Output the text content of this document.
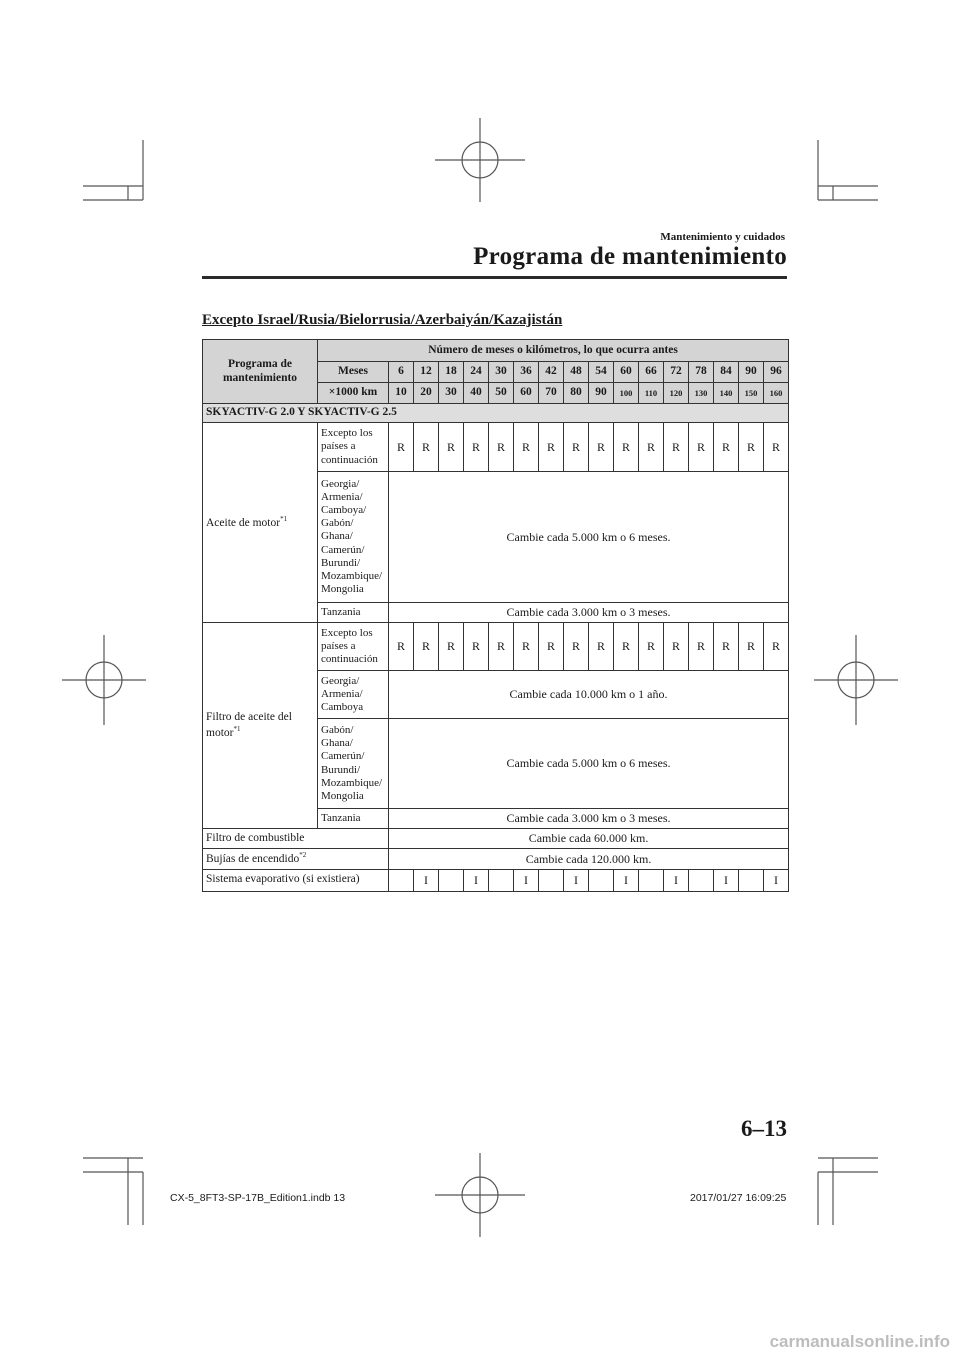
Mantenimiento y cuidados
Programa de mantenimiento
Excepto Israel/Rusia/Bielorrusia/Azerbaiyán/Kazajistán
Programa de mantenimiento	Número de meses o kilómetros, lo que ocurra antes																
	Meses	6	12	18	24	30	36	42	48	54	60	66	72	78	84	90	96
	×1000 km	10	20	30	40	50	60	70	80	90	100	110	120	130	140	150	160
SKYACTIV-G 2.0 Y SKYACTIV-G 2.5																	
Aceite de motor$^{*1}$	Excepto los países a continuación	R	R	R	R	R	R	R	R	R	R	R	R	R	R	R	R
	Georgia/ Armenia/ Camboya/ Gabón/ Ghana/ Camerún/ Burundi/ Mozambique/ Mongolia	Cambie cada 5.000 km o 6 meses.															
	Tanzania	Cambie cada 3.000 km o 3 meses.															
Filtro de aceite del motor$^{*1}$	Excepto los países a continuación	R	R	R	R	R	R	R	R	R	R	R	R	R	R	R	R
	Georgia/ Armenia/ Camboya	Cambie cada 10.000 km o 1 año.															
	Gabón/ Ghana/ Camerún/ Burundi/ Mozambique/ Mongolia	Cambie cada 5.000 km o 6 meses.															
	Tanzania	Cambie cada 3.000 km o 3 meses.															
Filtro de combustible		Cambie cada 60.000 km.															
Bujías de encendido$^{*2}$		Cambie cada 120.000 km.															
Sistema evaporativo (si existiera)			I		I		I		I		I		I		I		I
6–13
CX-5_8FT3-SP-17B_Edition1.indb 13	2017/01/27 16:09:25
carmanualsonline.info
